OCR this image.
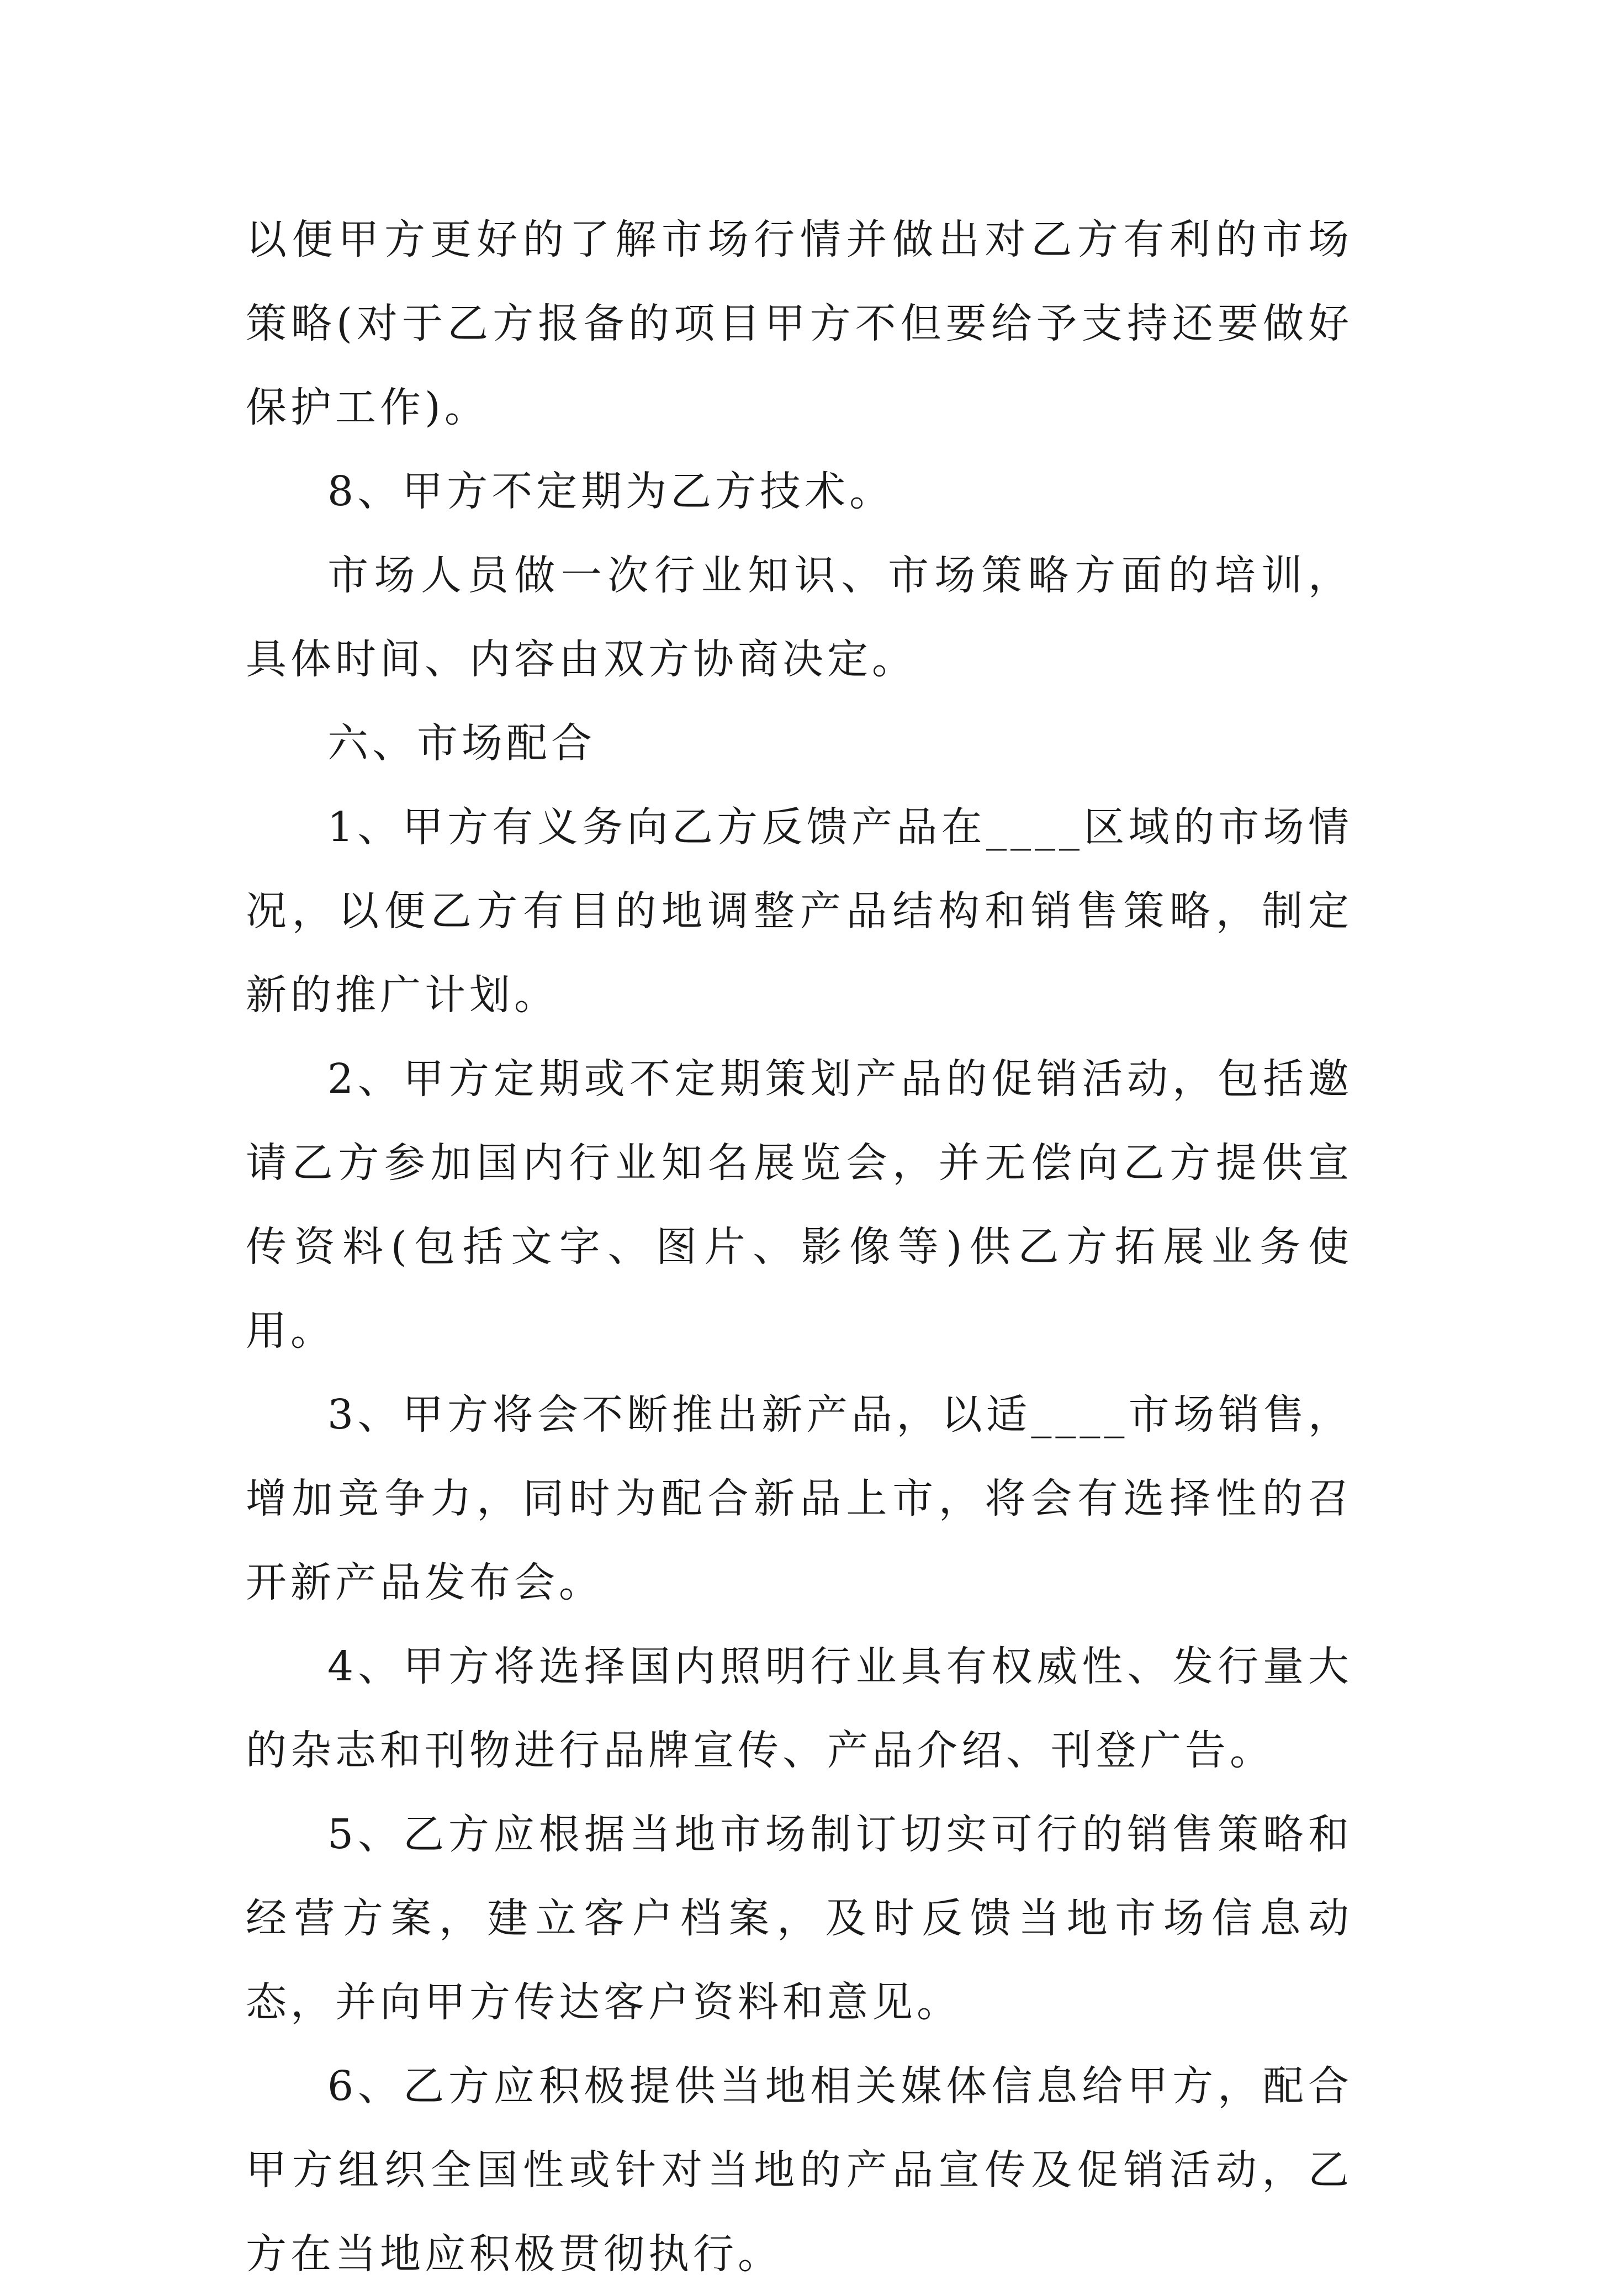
以便甲方更好的了解市场行情并做出对乙方有利的市场策略(对于乙方报备的项目甲方不但要给予支持还要做好保护工作)。

8、甲方不定期为乙方技术。

市场人员做一次行业知识、市场策略方面的培训，具体时间、内容由双方协商决定。

六、市场配合

1、甲方有义务向乙方反馈产品在____区域的市场情况，以便乙方有目的地调整产品结构和销售策略，制定新的推广计划。

2、甲方定期或不定期策划产品的促销活动，包括邀请乙方参加国内行业知名展览会，并无偿向乙方提供宣传资料(包括文字、图片、影像等)供乙方拓展业务使用。

3、甲方将会不断推出新产品，以适____市场销售，增加竞争力，同时为配合新品上市，将会有选择性的召开新产品发布会。

4、甲方将选择国内照明行业具有权威性、发行量大的杂志和刊物进行品牌宣传、产品介绍、刊登广告。

5、乙方应根据当地市场制订切实可行的销售策略和经营方案，建立客户档案，及时反馈当地市场信息动态，并向甲方传达客户资料和意见。

6、乙方应积极提供当地相关媒体信息给甲方，配合甲方组织全国性或针对当地的产品宣传及促销活动，乙方在当地应积极贯彻执行。
